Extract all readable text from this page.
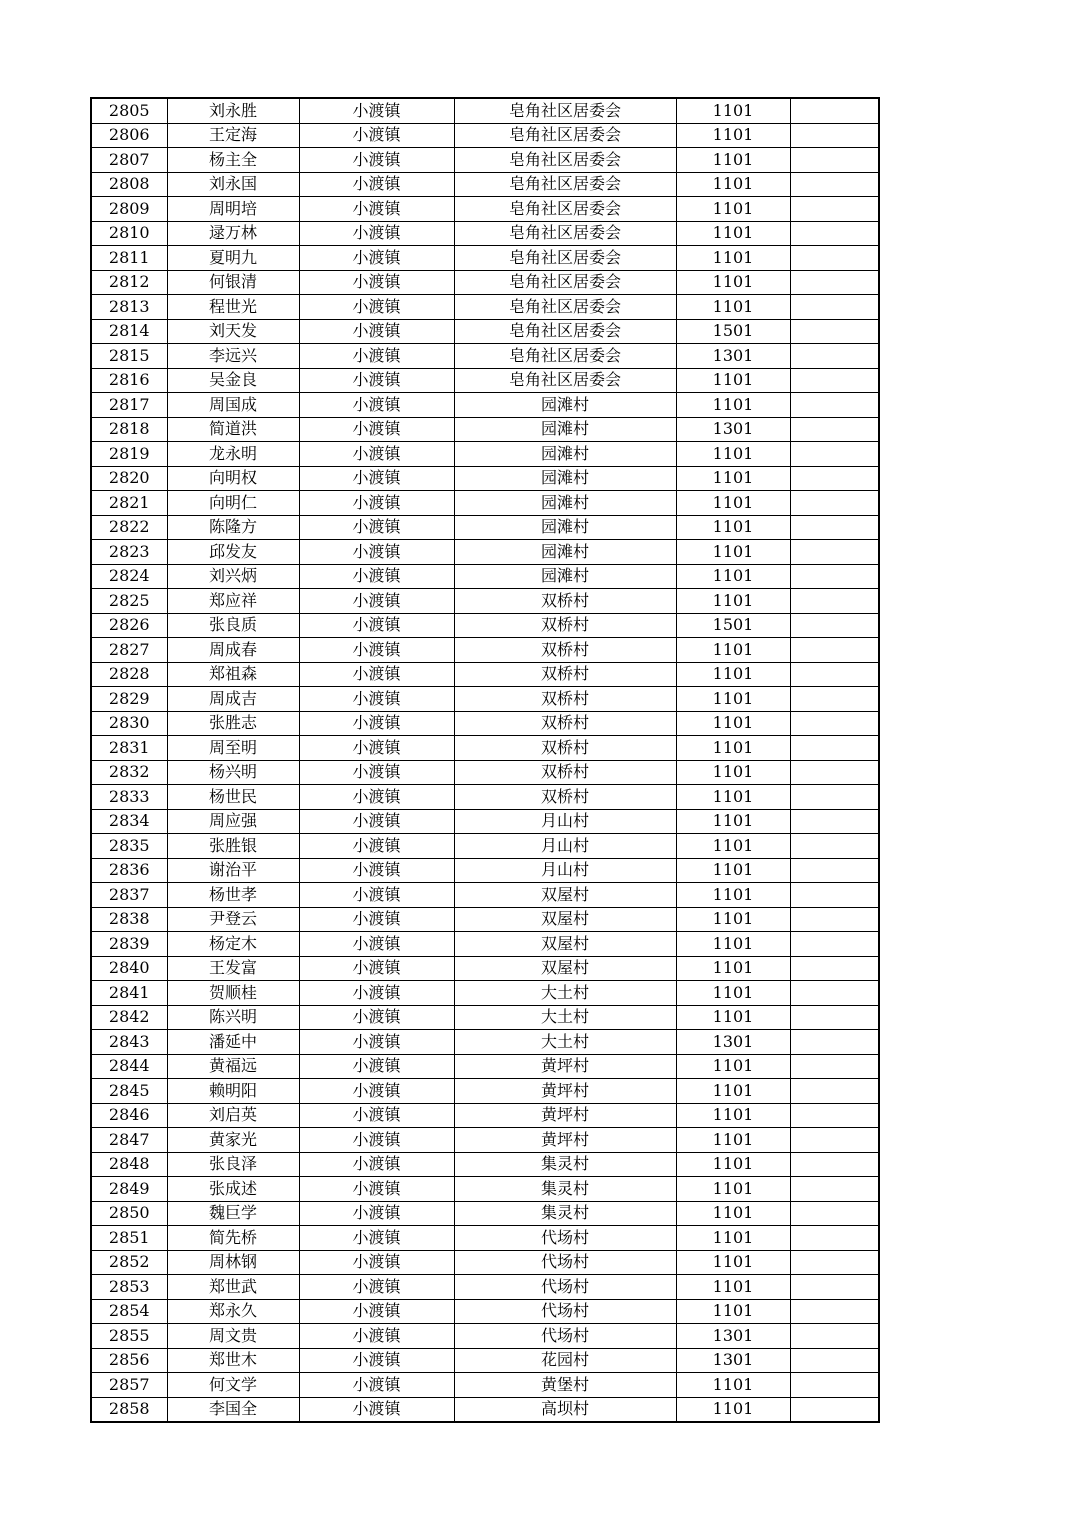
2805	刘永胜	小渡镇	皂角社区居委会	1101	
2806	王定海	小渡镇	皂角社区居委会	1101	
2807	杨主全	小渡镇	皂角社区居委会	1101	
2808	刘永国	小渡镇	皂角社区居委会	1101	
2809	周明培	小渡镇	皂角社区居委会	1101	
2810	逯万林	小渡镇	皂角社区居委会	1101	
2811	夏明九	小渡镇	皂角社区居委会	1101	
2812	何银清	小渡镇	皂角社区居委会	1101	
2813	程世光	小渡镇	皂角社区居委会	1101	
2814	刘天发	小渡镇	皂角社区居委会	1501	
2815	李远兴	小渡镇	皂角社区居委会	1301	
2816	吴金良	小渡镇	皂角社区居委会	1101	
2817	周国成	小渡镇	园滩村	1101	
2818	简道洪	小渡镇	园滩村	1301	
2819	龙永明	小渡镇	园滩村	1101	
2820	向明权	小渡镇	园滩村	1101	
2821	向明仁	小渡镇	园滩村	1101	
2822	陈隆方	小渡镇	园滩村	1101	
2823	邱发友	小渡镇	园滩村	1101	
2824	刘兴炳	小渡镇	园滩村	1101	
2825	郑应祥	小渡镇	双桥村	1101	
2826	张良质	小渡镇	双桥村	1501	
2827	周成春	小渡镇	双桥村	1101	
2828	郑祖森	小渡镇	双桥村	1101	
2829	周成吉	小渡镇	双桥村	1101	
2830	张胜志	小渡镇	双桥村	1101	
2831	周至明	小渡镇	双桥村	1101	
2832	杨兴明	小渡镇	双桥村	1101	
2833	杨世民	小渡镇	双桥村	1101	
2834	周应强	小渡镇	月山村	1101	
2835	张胜银	小渡镇	月山村	1101	
2836	谢治平	小渡镇	月山村	1101	
2837	杨世孝	小渡镇	双屋村	1101	
2838	尹登云	小渡镇	双屋村	1101	
2839	杨定木	小渡镇	双屋村	1101	
2840	王发富	小渡镇	双屋村	1101	
2841	贺顺桂	小渡镇	大土村	1101	
2842	陈兴明	小渡镇	大土村	1101	
2843	潘延中	小渡镇	大土村	1301	
2844	黄福远	小渡镇	黄坪村	1101	
2845	赖明阳	小渡镇	黄坪村	1101	
2846	刘启英	小渡镇	黄坪村	1101	
2847	黄家光	小渡镇	黄坪村	1101	
2848	张良泽	小渡镇	集灵村	1101	
2849	张成述	小渡镇	集灵村	1101	
2850	魏巨学	小渡镇	集灵村	1101	
2851	简先桥	小渡镇	代场村	1101	
2852	周林钢	小渡镇	代场村	1101	
2853	郑世武	小渡镇	代场村	1101	
2854	郑永久	小渡镇	代场村	1101	
2855	周文贵	小渡镇	代场村	1301	
2856	郑世木	小渡镇	花园村	1301	
2857	何文学	小渡镇	黄堡村	1101	
2858	李国全	小渡镇	高坝村	1101	
